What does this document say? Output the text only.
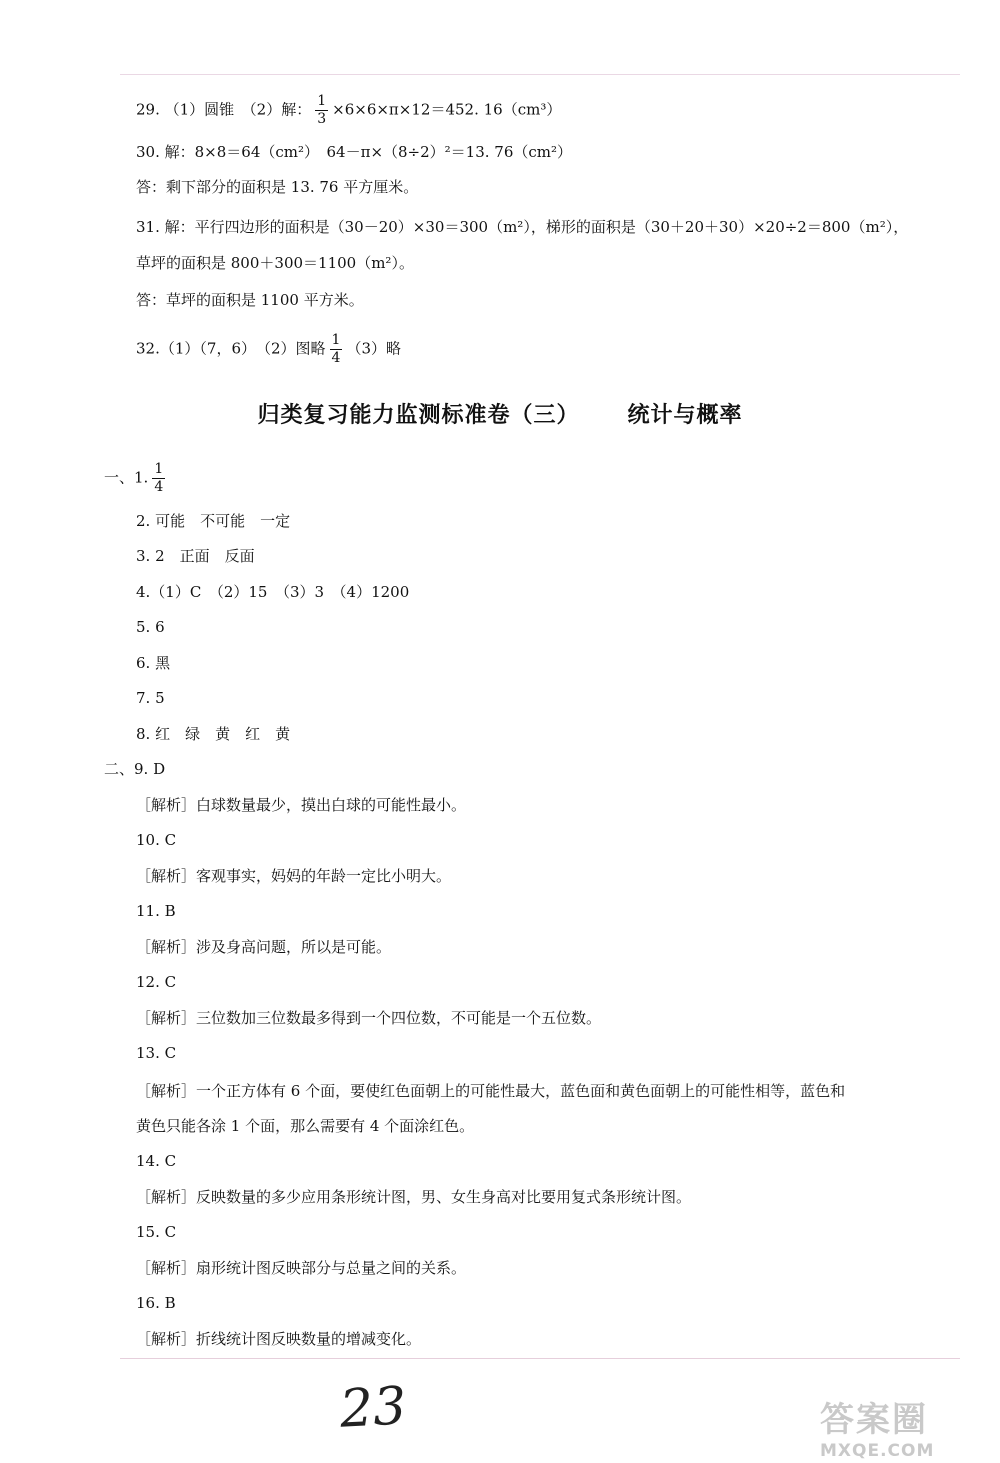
29. （1）圆锥　（2）解： $\frac{1}{3} \times 6\times 6\times\pi\times 12=452$. 16（cm³）
30. 解：8×8＝64（cm²）　64－π×（8÷2）²＝13. 76（cm²）
答：剩下部分的面积是 13. 76 平方厘米。
31. 解：平行四边形的面积是（30－20）×30＝300（m²），梯形的面积是（30＋20＋30）×20÷2＝800（m²），
草坪的面积是 800＋300＝1100（m²）。
答：草坪的面积是 1100 平方米。
32.（1）（7，6）　（2）图略 $\frac{1}{4} (3)$略
归类复习能力监测标准卷（三） 统计与概率
一、1. $\frac{1}{4}$
2. 可能　不可能　一定
3. 2　正面　反面
4.（1）C　（2）15　（3）3　（4）1200
5. 6
6. 黑
7. 5
8. 红　绿　黄　红　黄
二、9. D
［解析］白球数量最少，摸出白球的可能性最小。
10. C
［解析］客观事实，妈妈的年龄一定比小明大。
11. B
［解析］涉及身高问题，所以是可能。
12. C
［解析］三位数加三位数最多得到一个四位数，不可能是一个五位数。
13. C
［解析］一个正方体有 6 个面，要使红色面朝上的可能性最大，蓝色面和黄色面朝上的可能性相等，蓝色和
黄色只能各涂 1 个面，那么需要有 4 个面涂红色。
14. C
［解析］反映数量的多少应用条形统计图，男、女生身高对比要用复式条形统计图。
15. C
［解析］扇形统计图反映部分与总量之间的关系。
16. B
［解析］折线统计图反映数量的增减变化。
23	答案圈
MXQE.COM
